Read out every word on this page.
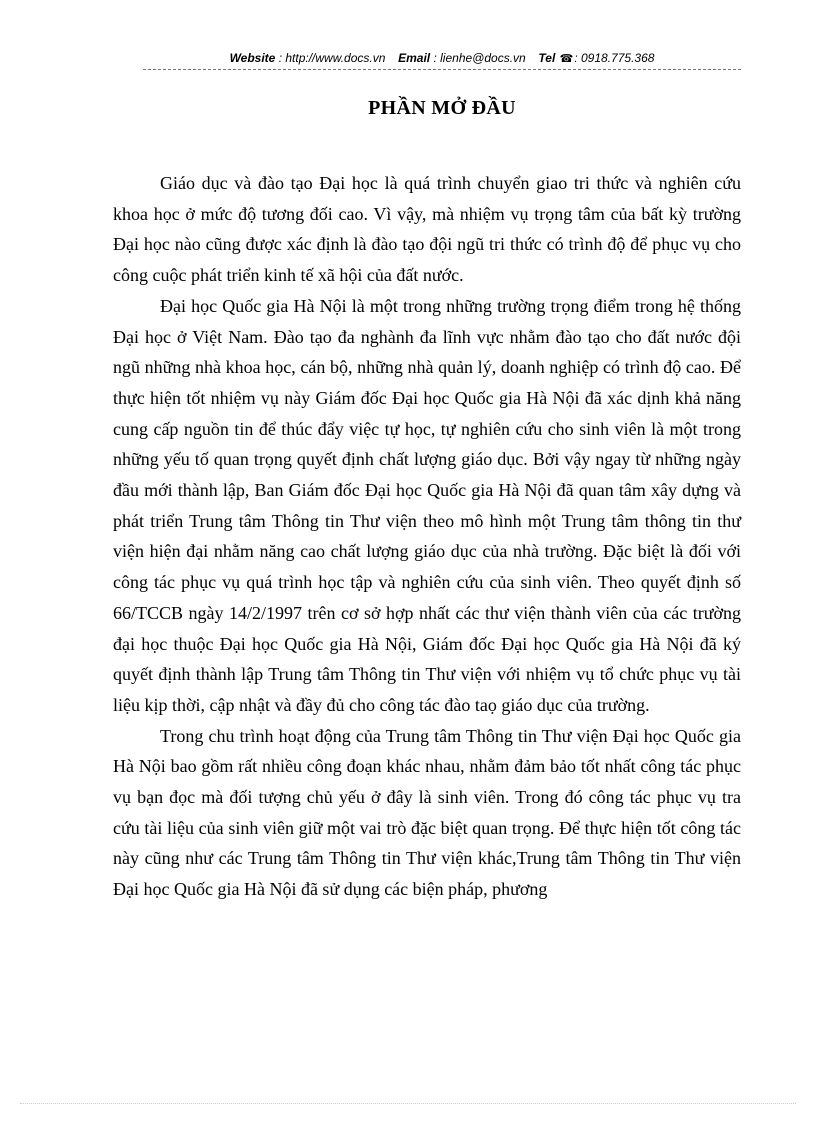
Website : http://www.docs.vn Email : lienhe@docs.vn Tel ☎: 0918.775.368
PHẦN MỞ ĐẦU

Giáo dục và đào tạo Đại học là quá trình chuyển giao tri thức và nghiên cứu khoa học ở mức độ tương đối cao. Vì vậy, mà nhiệm vụ trọng tâm của bất kỳ trường Đại học nào cũng được xác định là đào tạo đội ngũ tri thức có trình độ để phục vụ cho công cuộc phát triển kinh tế xã hội của đất nước.

Đại học Quốc gia Hà Nội là một trong những trường trọng điểm trong hệ thống Đại học ở Việt Nam. Đào tạo đa nghành đa lĩnh vực nhằm đào tạo cho đất nước đội ngũ những nhà khoa học, cán bộ, những nhà quản lý, doanh nghiệp có trình độ cao. Để thực hiện tốt nhiệm vụ này Giám đốc Đại học Quốc gia Hà Nội đã xác dịnh khả năng cung cấp nguồn tin để thúc đẩy việc tự học, tự nghiên cứu cho sinh viên là một trong những yếu tố quan trọng quyết định chất lượng giáo dục. Bởi vậy ngay từ những ngày đầu mới thành lập, Ban Giám đốc Đại học Quốc gia Hà Nội đã quan tâm xây dựng và phát triển Trung tâm Thông tin Thư viện theo mô hình một Trung tâm thông tin thư viện hiện đại nhằm năng cao chất lượng giáo dục của nhà trường. Đặc biệt là đối với công tác phục vụ quá trình học tập và nghiên cứu của sinh viên. Theo quyết định số 66/TCCB ngày 14/2/1997 trên cơ sở hợp nhất các thư viện thành viên của các trường đại học thuộc Đại học Quốc gia Hà Nội, Giám đốc Đại học Quốc gia Hà Nội đã ký quyết định thành lập Trung tâm Thông tin Thư viện với nhiệm vụ tổ chức phục vụ tài liệu kịp thời, cập nhật và đầy đủ cho công tác đào taọ giáo dục của trường.

Trong chu trình hoạt động của Trung tâm Thông tin Thư viện Đại học Quốc gia Hà Nội bao gồm rất nhiều công đoạn khác nhau, nhằm đảm bảo tốt nhất công tác phục vụ bạn đọc mà đối tượng chủ yếu ở đây là sinh viên. Trong đó công tác phục vụ tra cứu tài liệu của sinh viên giữ một vai trò đặc biệt quan trọng. Để thực hiện tốt công tác này cũng như các Trung tâm Thông tin Thư viện khác,Trung tâm Thông tin Thư viện Đại học Quốc gia Hà Nội đã sử dụng các biện pháp, phương
